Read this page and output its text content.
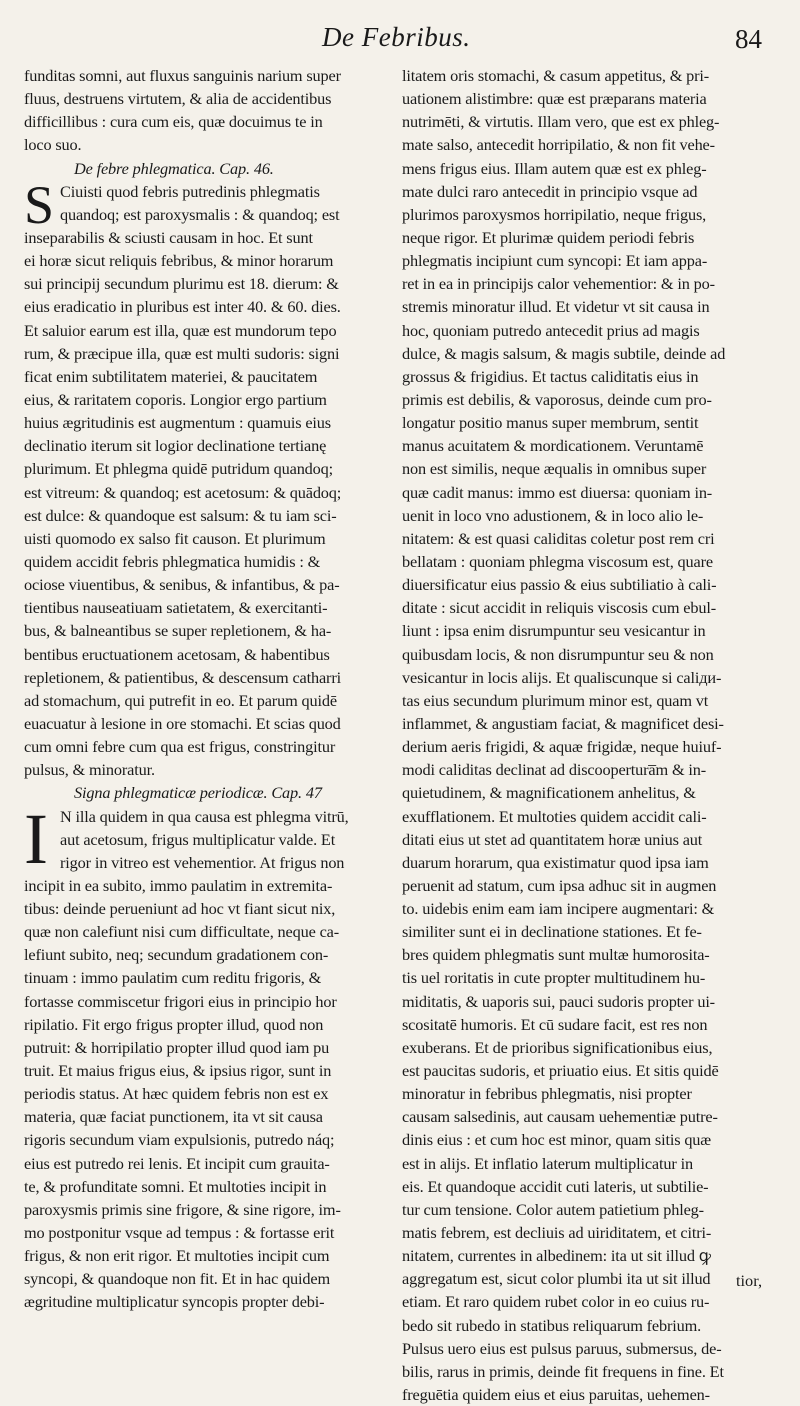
De Febribus.	84
funditas somni, aut fluxus sanguinis narium super
fluus, destruens virtutem, & alia de accidentibus
difficillibus : cura cum eis, quæ docuimus te in
loco suo.
De febre phlegmatica. Cap. 46.
S Ciuisti quod febris putredinis phlegmatis
quandoq; est paroxysmalis : & quandoq; est
inseparabilis & sciusti causam in hoc. Et sunt
ei horæ sicut reliquis febribus, & minor horarum
sui principij secundum plurimu est 18. dierum: &
eius eradicatio in pluribus est inter 40. & 60. dies.
Et saluior earum est illa, quæ est mundorum tepo
rum, & præcipue illa, quæ est multi sudoris: signi
ficat enim subtilitatem materiei, & paucitatem
eius, & raritatem coporis. Longior ergo partium
huius ægritudinis est augmentum : quamuis eius
declinatio iterum sit logior declinatione tertianę
plurimum. Et phlegma quidē putridum quandoq;
est vitreum: & quandoq; est acetosum: & quādoq;
est dulce: & quandoque est salsum: & tu iam sci-
uisti quomodo ex salso fit causon. Et plurimum
quidem accidit febris phlegmatica humidis : &
ociose viuentibus, & senibus, & infantibus, & pa-
tientibus nauseatiuam satietatem, & exercitanti-
bus, & balneantibus se super repletionem, & ha-
bentibus eructuationem acetosam, & habentibus
repletionem, & patientibus, & descensum catharri
ad stomachum, qui putrefit in eo. Et parum quidē
euacuatur à lesione in ore stomachi. Et scias quod
cum omni febre cum qua est frigus, constringitur
pulsus, & minoratur.
Signa phlegmaticæ periodicæ. Cap. 47
I N illa quidem in qua causa est phlegma vitrū,
aut acetosum, frigus multiplicatur valde. Et
rigor in vitreo est vehementior. At frigus non
incipit in ea subito, immo paulatim in extremita-
tibus: deinde perueniunt ad hoc vt fiant sicut nix,
quæ non calefiunt nisi cum difficultate, neque ca-
lefiunt subito, neq; secundum gradationem con-
tinuam : immo paulatim cum reditu frigoris, &
fortasse commiscetur frigori eius in principio hor
ripilatio. Fit ergo frigus propter illud, quod non
putruit: & horripilatio propter illud quod iam pu
truit. Et maius frigus eius, & ipsius rigor, sunt in
periodis status. At hæc quidem febris non est ex
materia, quæ faciat punctionem, ita vt sit causa
rigoris secundum viam expulsionis, putredo náq;
eius est putredo rei lenis. Et incipit cum grauita-
te, & profunditate somni. Et multoties incipit in
paroxysmis primis sine frigore, & sine rigore, im-
mo postponitur vsque ad tempus : & fortasse erit
frigus, & non erit rigor. Et multoties incipit cum
syncopi, & quandoque non fit. Et in hac quidem
ægritudine multiplicatur syncopis propter debi-
litatem oris stomachi, & casum appetitus, & pri-
uationem alistimbre: quæ est præparans materia
nutrimēti, & virtutis. Illam vero, que est ex phleg-
mate salso, antecedit horripilatio, & non fit vehe-
mens frigus eius. Illam autem quæ est ex phleg-
mate dulci raro antecedit in principio vsque ad
plurimos paroxysmos horripilatio, neque frigus,
neque rigor. Et plurimæ quidem periodi febris
phlegmatis incipiunt cum syncopi: Et iam appa-
ret in ea in principijs calor vehementior: & in po-
stremis minoratur illud. Et videtur vt sit causa in
hoc, quoniam putredo antecedit prius ad magis
dulce, & magis salsum, & magis subtile, deinde ad
grossus & frigidius. Et tactus caliditatis eius in
primis est debilis, & vaporosus, deinde cum pro-
longatur positio manus super membrum, sentit
manus acuitatem & mordicationem. Veruntamē
non est similis, neque æqualis in omnibus super
quæ cadit manus: immo est diuersa: quoniam in-
uenit in loco vno adustionem, & in loco alio le-
nitatem: & est quasi caliditas coletur post rem cri
bellatam : quoniam phlegma viscosum est, quare
diuersificatur eius passio & eius subtiliatio à cali-
ditate : sicut accidit in reliquis viscosis cum ebul-
liunt : ipsa enim disrumpuntur seu vesicantur in
quibusdam locis, & non disrumpuntur seu & non
vesicantur in locis alijs. Et qualiscunque si caliди-
tas eius secundum plurimum minor est, quam vt
inflammet, & angustiam faciat, & magnificet desi-
derium aeris frigidi, & aquæ frigidæ, neque huiuf-
modi caliditas declinat ad discoopertura̅m & in-
quietudinem, & magnificationem anhelitus, &
exufflationem. Et multoties quidem accidit cali-
ditati eius ut stet ad quantitatem horæ unius aut
duarum horarum, qua existimatur quod ipsa iam
peruenit ad statum, cum ipsa adhuc sit in augmen
to. uidebis enim eam iam incipere augmentari: &
similiter sunt ei in declinatione stationes. Et fe-
bres quidem phlegmatis sunt multæ humorosita-
tis uel roritatis in cute propter multitudinem hu-
miditatis, & uaporis sui, pauci sudoris propter ui-
scositatē humoris. Et cū sudare facit, est res non
exuberans. Et de prioribus significationibus eius,
est paucitas sudoris, et priuatio eius. Et sitis quidē
minoratur in febribus phlegmatis, nisi propter
causam salsedinis, aut causam uehementiæ putre-
dinis eius : et cum hoc est minor, quam sitis quæ
est in alijs. Et inflatio laterum multiplicatur in
eis. Et quandoque accidit cuti lateris, ut subtilie-
tur cum tensione. Color autem patietium phleg-
matis febrem, est decliuis ad uiriditatem, et citri-
nitatem, currentes in albedinem: ita ut sit illud ꝙ
aggregatum est, sicut color plumbi ita ut sit illud
etiam. Et raro quidem rubet color in eo cuius ru-
bedo sit rubedo in statibus reliquarum febrium.
Pulsus uero eius est pulsus paruus, submersus, de-
bilis, rarus in primis, deinde fit frequens in fine. Et
freguētia quidem eius et eius paruitas, uehemen-
tior,
